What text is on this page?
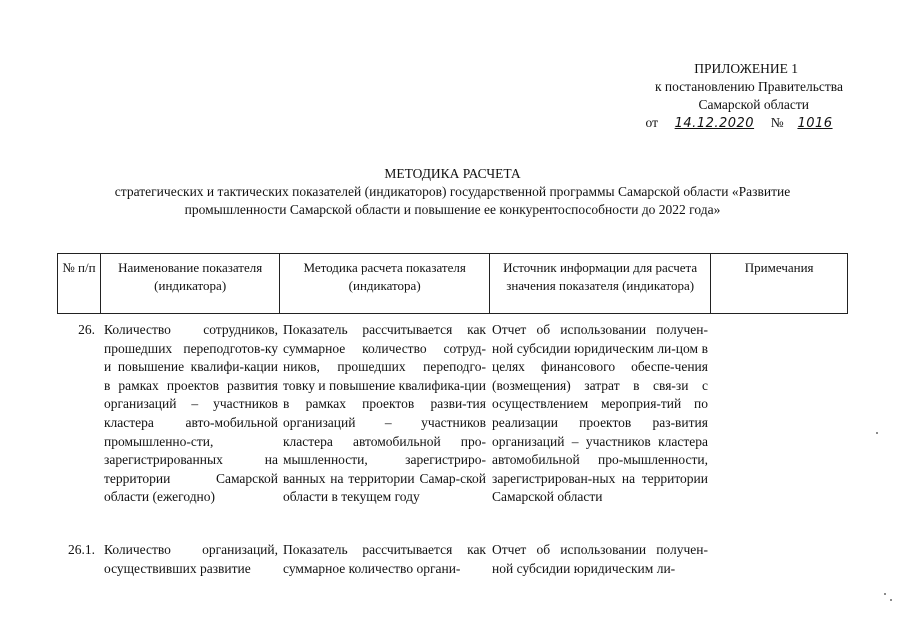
ПРИЛОЖЕНИЕ 1
к постановлению Правительства
Самарской области
от 14.12.2020 № 1016
МЕТОДИКА РАСЧЕТА
стратегических и тактических показателей (индикаторов) государственной программы Самарской области «Развитие
промышленности Самарской области и повышение ее конкурентоспособности до 2022 года»
№ п/п	Наименование показателя (индикатора)
Методика расчета показателя (индикатора)
Источник информации для расчета значения показателя (индикатора)
Примечания
26. Количество сотрудников, прошедших переподготов-ку и повышение квалифи-кации в рамках проектов развития организаций – участников кластера авто-мобильной промышленно-сти, зарегистрированных на территории Самарской области (ежегодно)
Показатель рассчитывается как суммарное количество сотруд-ников, прошедших переподго-товку и повышение квалифика-ции в рамках проектов разви-тия организаций – участников кластера автомобильной про-мышленности, зарегистриро-ванных на территории Самар-ской области в текущем году
Отчет об использовании получен-ной субсидии юридическим ли-цом в целях финансового обеспе-чения (возмещения) затрат в свя-зи с осуществлением мероприя-тий по реализации проектов раз-вития организаций – участников кластера автомобильной про-мышленности, зарегистрирован-ных на территории Самарской области
26.1. Количество организаций, осуществивших развитие
Показатель рассчитывается как суммарное количество органи-
Отчет об использовании получен-ной субсидии юридическим ли-
